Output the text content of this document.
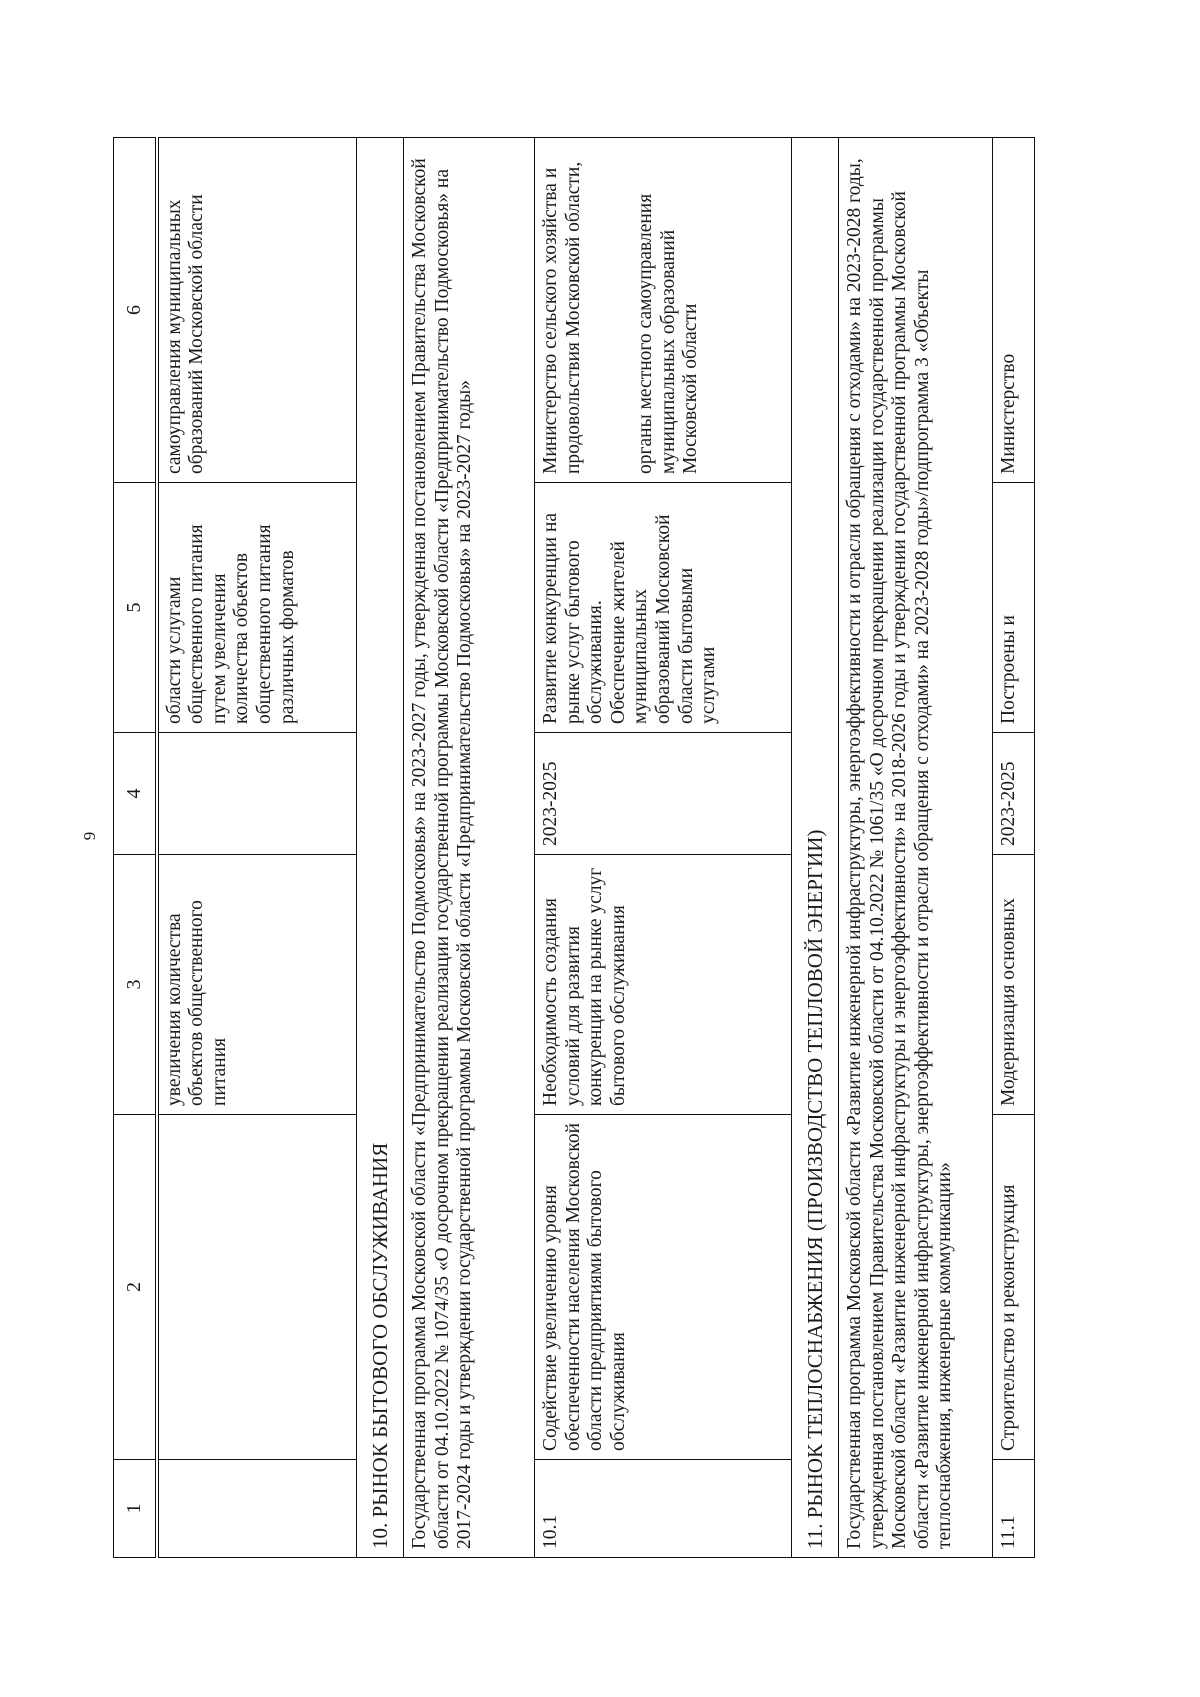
9
1	2	3	4	5	6
		увеличения количества объектов общественного питания		области услугами общественного питания путем увеличения количества объектов общественного питания различных форматов	самоуправления муниципальных образований Московской области
10. РЫНОК БЫТОВОГО ОБСЛУЖИВАНИЯ					
Государственная программа Московской области «Предпринимательство Подмосковья» на 2023-2027 годы, утвержденная постановлением Правительства Московской области от 04.10.2022 № 1074/35 «О досрочном прекращении реализации государственной программы Московской области «Предпринимательство Подмосковья» на 2017-2024 годы и утверждении государственной программы Московской области «Предпринимательство Подмосковья» на 2023-2027 годы»					
10.1	Содействие увеличению уровня обеспеченности населения Московской области предприятиями бытового обслуживания	Необходимость создания условий для развития конкуренции на рынке услуг бытового обслуживания	2023-2025	Развитие конкуренции на рынке услуг бытового обслуживания. Обеспечение жителей муниципальных образований Московской области бытовыми услугами	Министерство сельского хозяйства и продовольствия Московской области, органы местного самоуправления муниципальных образований Московской области

11. РЫНОК ТЕПЛОСНАБЖЕНИЯ (ПРОИЗВОДСТВО ТЕПЛОВОЙ ЭНЕРГИИ)					
Государственная программа Московской области «Развитие инженерной инфраструктуры, энергоэффективности и отрасли обращения с отходами» на 2023-2028 годы, утвержденная постановлением Правительства Московской области от 04.10.2022 № 1061/35 «О досрочном прекращении реализации государственной программы Московской области «Развитие инженерной инфраструктуры и энергоэффективности» на 2018-2026 годы и утверждении государственной программы Московской области «Развитие инженерной инфраструктуры, энергоэффективности и отрасли обращения с отходами» на 2023-2028 годы»/подпрограмма 3 «Объекты теплоснабжения, инженерные коммуникации»					
11.1	Строительство и реконструкция	Модернизация основных	2023-2025	Построены и	Министерство
